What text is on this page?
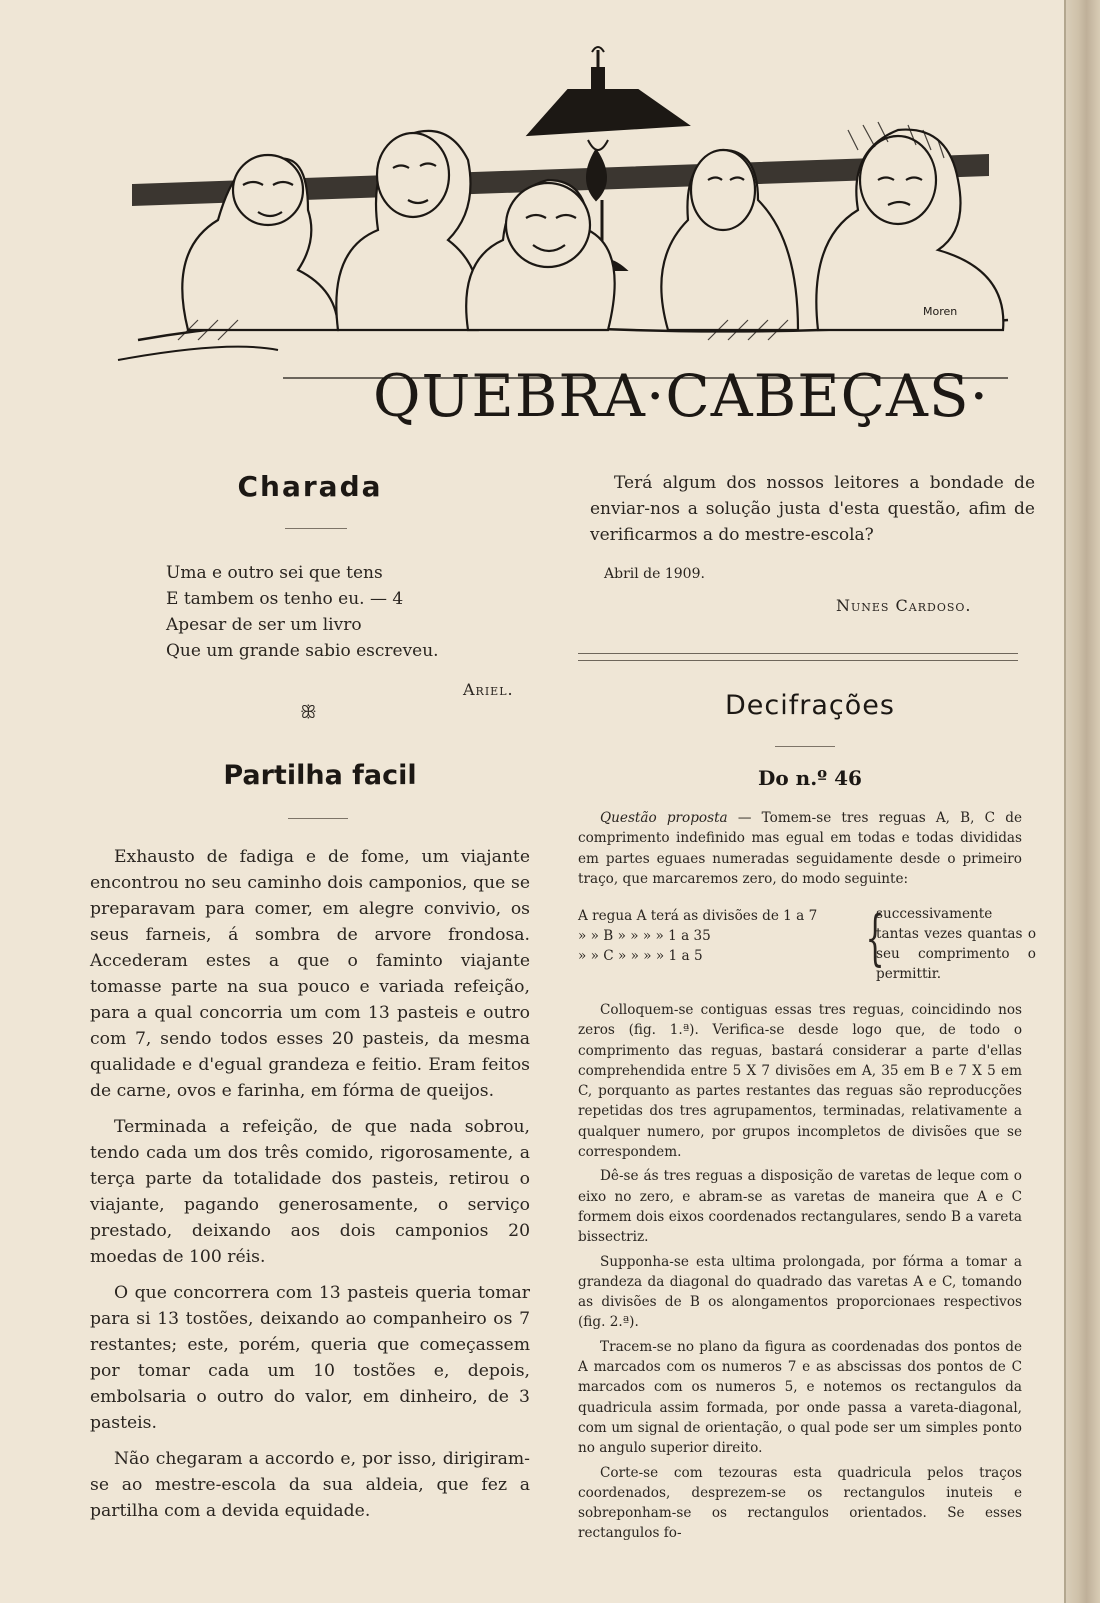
Moren
QUEBRA·CABEÇAS·
Charada
Uma e outro sei que tens
E tambem os tenho eu. — 4
Apesar de ser um livro
Que um grande sabio escreveu.
Ariel.
ꕥ
Partilha facil

Exhausto de fadiga e de fome, um viajante encontrou no seu caminho dois camponios, que se preparavam para comer, em alegre convivio, os seus farneis, á sombra de arvore frondosa. Accederam estes a que o faminto viajante tomasse parte na sua pouco e variada refeição, para a qual concorria um com 13 pasteis e outro com 7, sendo todos esses 20 pasteis, da mesma qualidade e d'egual grandeza e feitio. Eram feitos de carne, ovos e farinha, em fórma de queijos.

Terminada a refeição, de que nada sobrou, tendo cada um dos três comido, rigorosamente, a terça parte da totalidade dos pasteis, retirou o viajante, pagando generosamente, o serviço prestado, deixando aos dois camponios 20 moedas de 100 réis.

O que concorrera com 13 pasteis queria tomar para si 13 tostões, deixando ao companheiro os 7 restantes; este, porém, queria que começassem por tomar cada um 10 tostões e, depois, embolsaria o outro do valor, em dinheiro, de 3 pasteis.

Não chegaram a accordo e, por isso, dirigiram-se ao mestre-escola da sua aldeia, que fez a partilha com a devida equidade.

Terá algum dos nossos leitores a bondade de enviar-nos a solução justa d'esta questão, afim de verificarmos a do mestre-escola?

Abril de 1909.
Nunes Cardoso.
Decifrações
Do n.º 46

Questão proposta — Tomem-se tres reguas A, B, C de comprimento indefinido mas egual em todas e todas divididas em partes eguaes numeradas seguidamente desde o primeiro traço, que marcaremos zero, do modo seguinte:

A regua A terá as divisões de 1 a 7
» » B » » » » 1 a 35
» » C » » » » 1 a 5	{
successivamente tantas vezes quantas o seu comprimento o permittir.

Colloquem-se contiguas essas tres reguas, coincidindo nos zeros (fig. 1.ª). Verifica-se desde logo que, de todo o comprimento das reguas, bastará considerar a parte d'ellas comprehendida entre 5 X 7 divisões em A, 35 em B e 7 X 5 em C, porquanto as partes restantes das reguas são reproducções repetidas dos tres agrupamentos, terminadas, relativamente a qualquer numero, por grupos incompletos de divisões que se correspondem.

Dê-se ás tres reguas a disposição de varetas de leque com o eixo no zero, e abram-se as varetas de maneira que A e C formem dois eixos coordenados rectangulares, sendo B a vareta bissectriz.

Supponha-se esta ultima prolongada, por fórma a tomar a grandeza da diagonal do quadrado das varetas A e C, tomando as divisões de B os alongamentos proporcionaes respectivos (fig. 2.ª).

Tracem-se no plano da figura as coordenadas dos pontos de A marcados com os numeros 7 e as abscissas dos pontos de C marcados com os numeros 5, e notemos os rectangulos da quadricula assim formada, por onde passa a vareta-diagonal, com um signal de orientação, o qual pode ser um simples ponto no angulo superior direito.

Corte-se com tezouras esta quadricula pelos traços coordenados, desprezem-se os rectangulos inuteis e sobreponham-se os rectangulos orientados. Se esses rectangulos fo-
